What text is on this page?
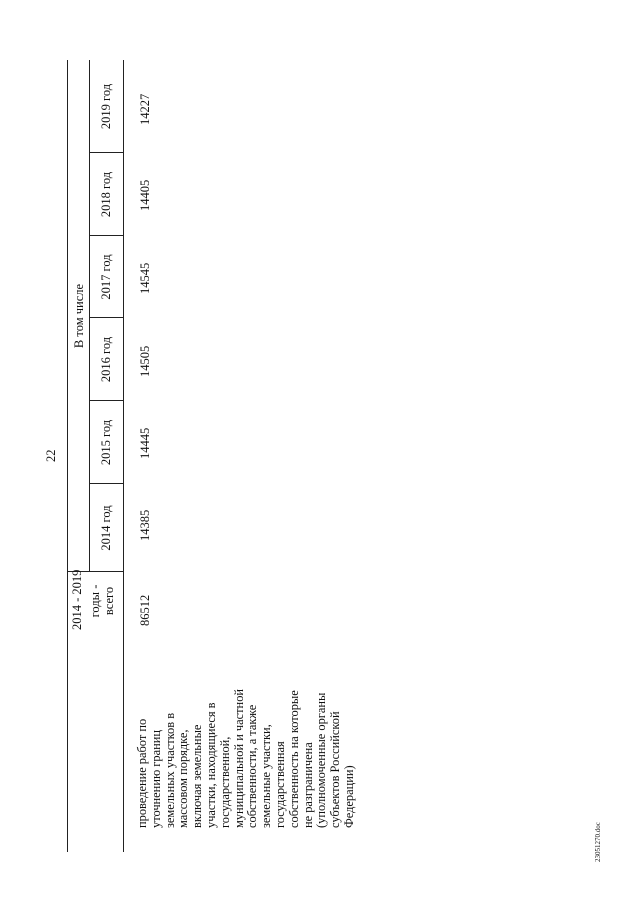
22
2014 - 2019 годы -
всего
В том числе
2014 год
2015 год
2016 год
2017 год
2018 год
2019 год
проведение работ по
уточнению границ
земельных участков в
массовом порядке,
включая земельные
участки, находящиеся в
государственной,
муниципальной и частной
собственности, а также
земельные участки,
государственная
собственность на которые
не разграничена
(уполномоченные органы
субъектов Российской
Федерации)
86512
14385
14445
14505
14545
14405
14227
23051270.doc
